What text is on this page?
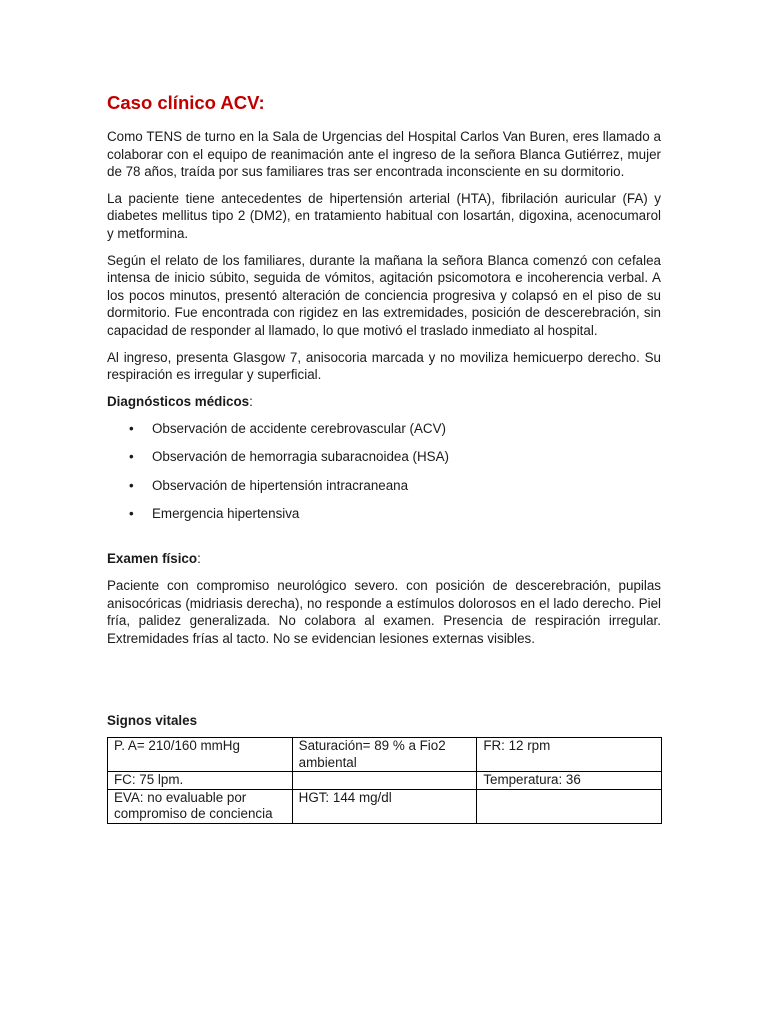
Caso clínico ACV:

Como TENS de turno en la Sala de Urgencias del Hospital Carlos Van Buren, eres llamado a colaborar con el equipo de reanimación ante el ingreso de la señora Blanca Gutiérrez, mujer de 78 años, traída por sus familiares tras ser encontrada inconsciente en su dormitorio.

La paciente tiene antecedentes de hipertensión arterial (HTA), fibrilación auricular (FA) y diabetes mellitus tipo 2 (DM2), en tratamiento habitual con losartán, digoxina, acenocumarol y metformina.

Según el relato de los familiares, durante la mañana la señora Blanca comenzó con cefalea intensa de inicio súbito, seguida de vómitos, agitación psicomotora e incoherencia verbal. A los pocos minutos, presentó alteración de conciencia progresiva y colapsó en el piso de su dormitorio. Fue encontrada con rigidez en las extremidades, posición de descerebración, sin capacidad de responder al llamado, lo que motivó el traslado inmediato al hospital.

Al ingreso, presenta Glasgow 7, anisocoria marcada y no moviliza hemicuerpo derecho. Su respiración es irregular y superficial.

Diagnósticos médicos:
• Observación de accidente cerebrovascular (ACV)
• Observación de hemorragia subaracnoidea (HSA)
• Observación de hipertensión intracraneana
• Emergencia hipertensiva
Examen físico:

Paciente con compromiso neurológico severo. con posición de descerebración, pupilas anisocóricas (midriasis derecha), no responde a estímulos dolorosos en el lado derecho. Piel fría, palidez generalizada. No colabora al examen. Presencia de respiración irregular. Extremidades frías al tacto. No se evidencian lesiones externas visibles.

Signos vitales
P. A= 210/160 mmHg	Saturación= 89 % a Fio2 ambiental	FR: 12 rpm
FC: 75 lpm.		Temperatura: 36
EVA: no evaluable por compromiso de conciencia	HGT: 144 mg/dl	
